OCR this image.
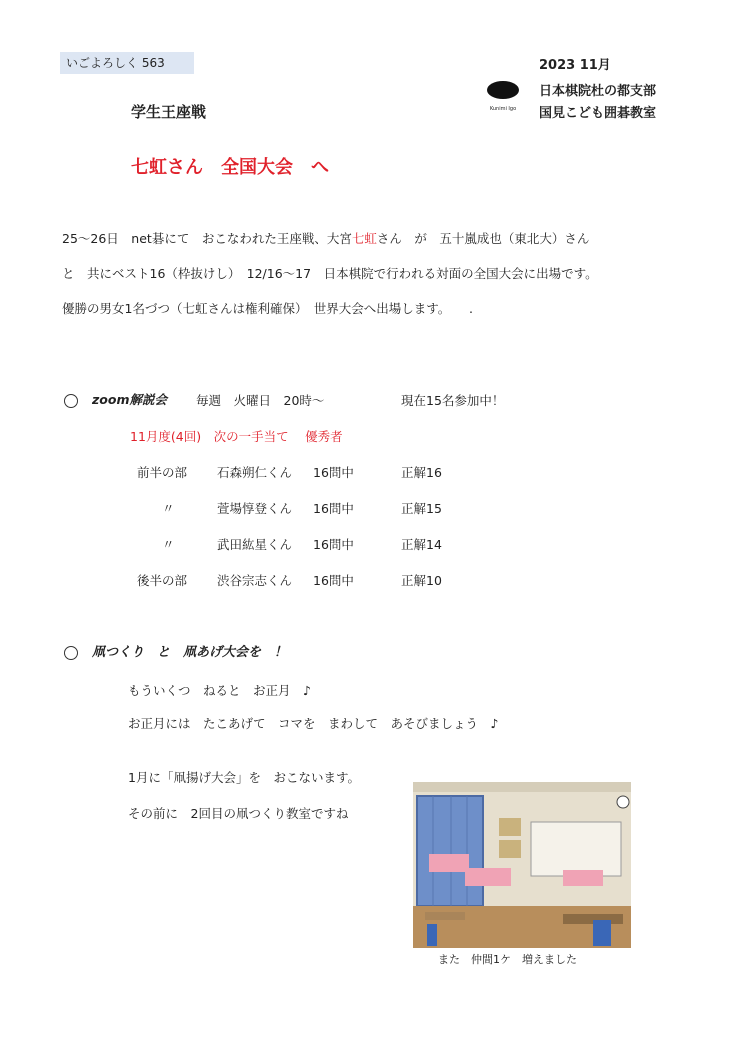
いごよろしく 563	2023 11月
Kunimi Igo
日本棋院杜の都支部
国見こども囲碁教室
学生王座戦
七虹さん　全国大会　へ
25～26日　net碁にて　おこなわれた王座戦、大宮七虹さん　が　五十嵐成也（東北大）さん
と　共にベスト16（枠抜けし）　12/16～17　日本棋院で行われる対面の全国大会に出場です。
優勝の男女1名づつ（七虹さんは権利確保）　世界大会へ出場します。　　.
zoom解説会 毎週　火曜日　20時～	現在15名参加中！
11月度(4回)　次の一手当て　 優秀者
前半の部 石森朔仁くん 16問中	正解16
〃	萱場惇登くん 16問中	正解15
〃	武田紘星くん 16問中	正解14
後半の部 渋谷宗志くん 16問中	正解10
凧つくり　と　凧あげ大会を　！
もういくつ　ねると　お正月　♪
お正月には　たこあげて　コマを　まわして　あそびましょう　♪
1月に「凧揚げ大会」を　おこないます。
その前に　2回目の凧つくり教室ですね
また　仲間1ケ　増えました
